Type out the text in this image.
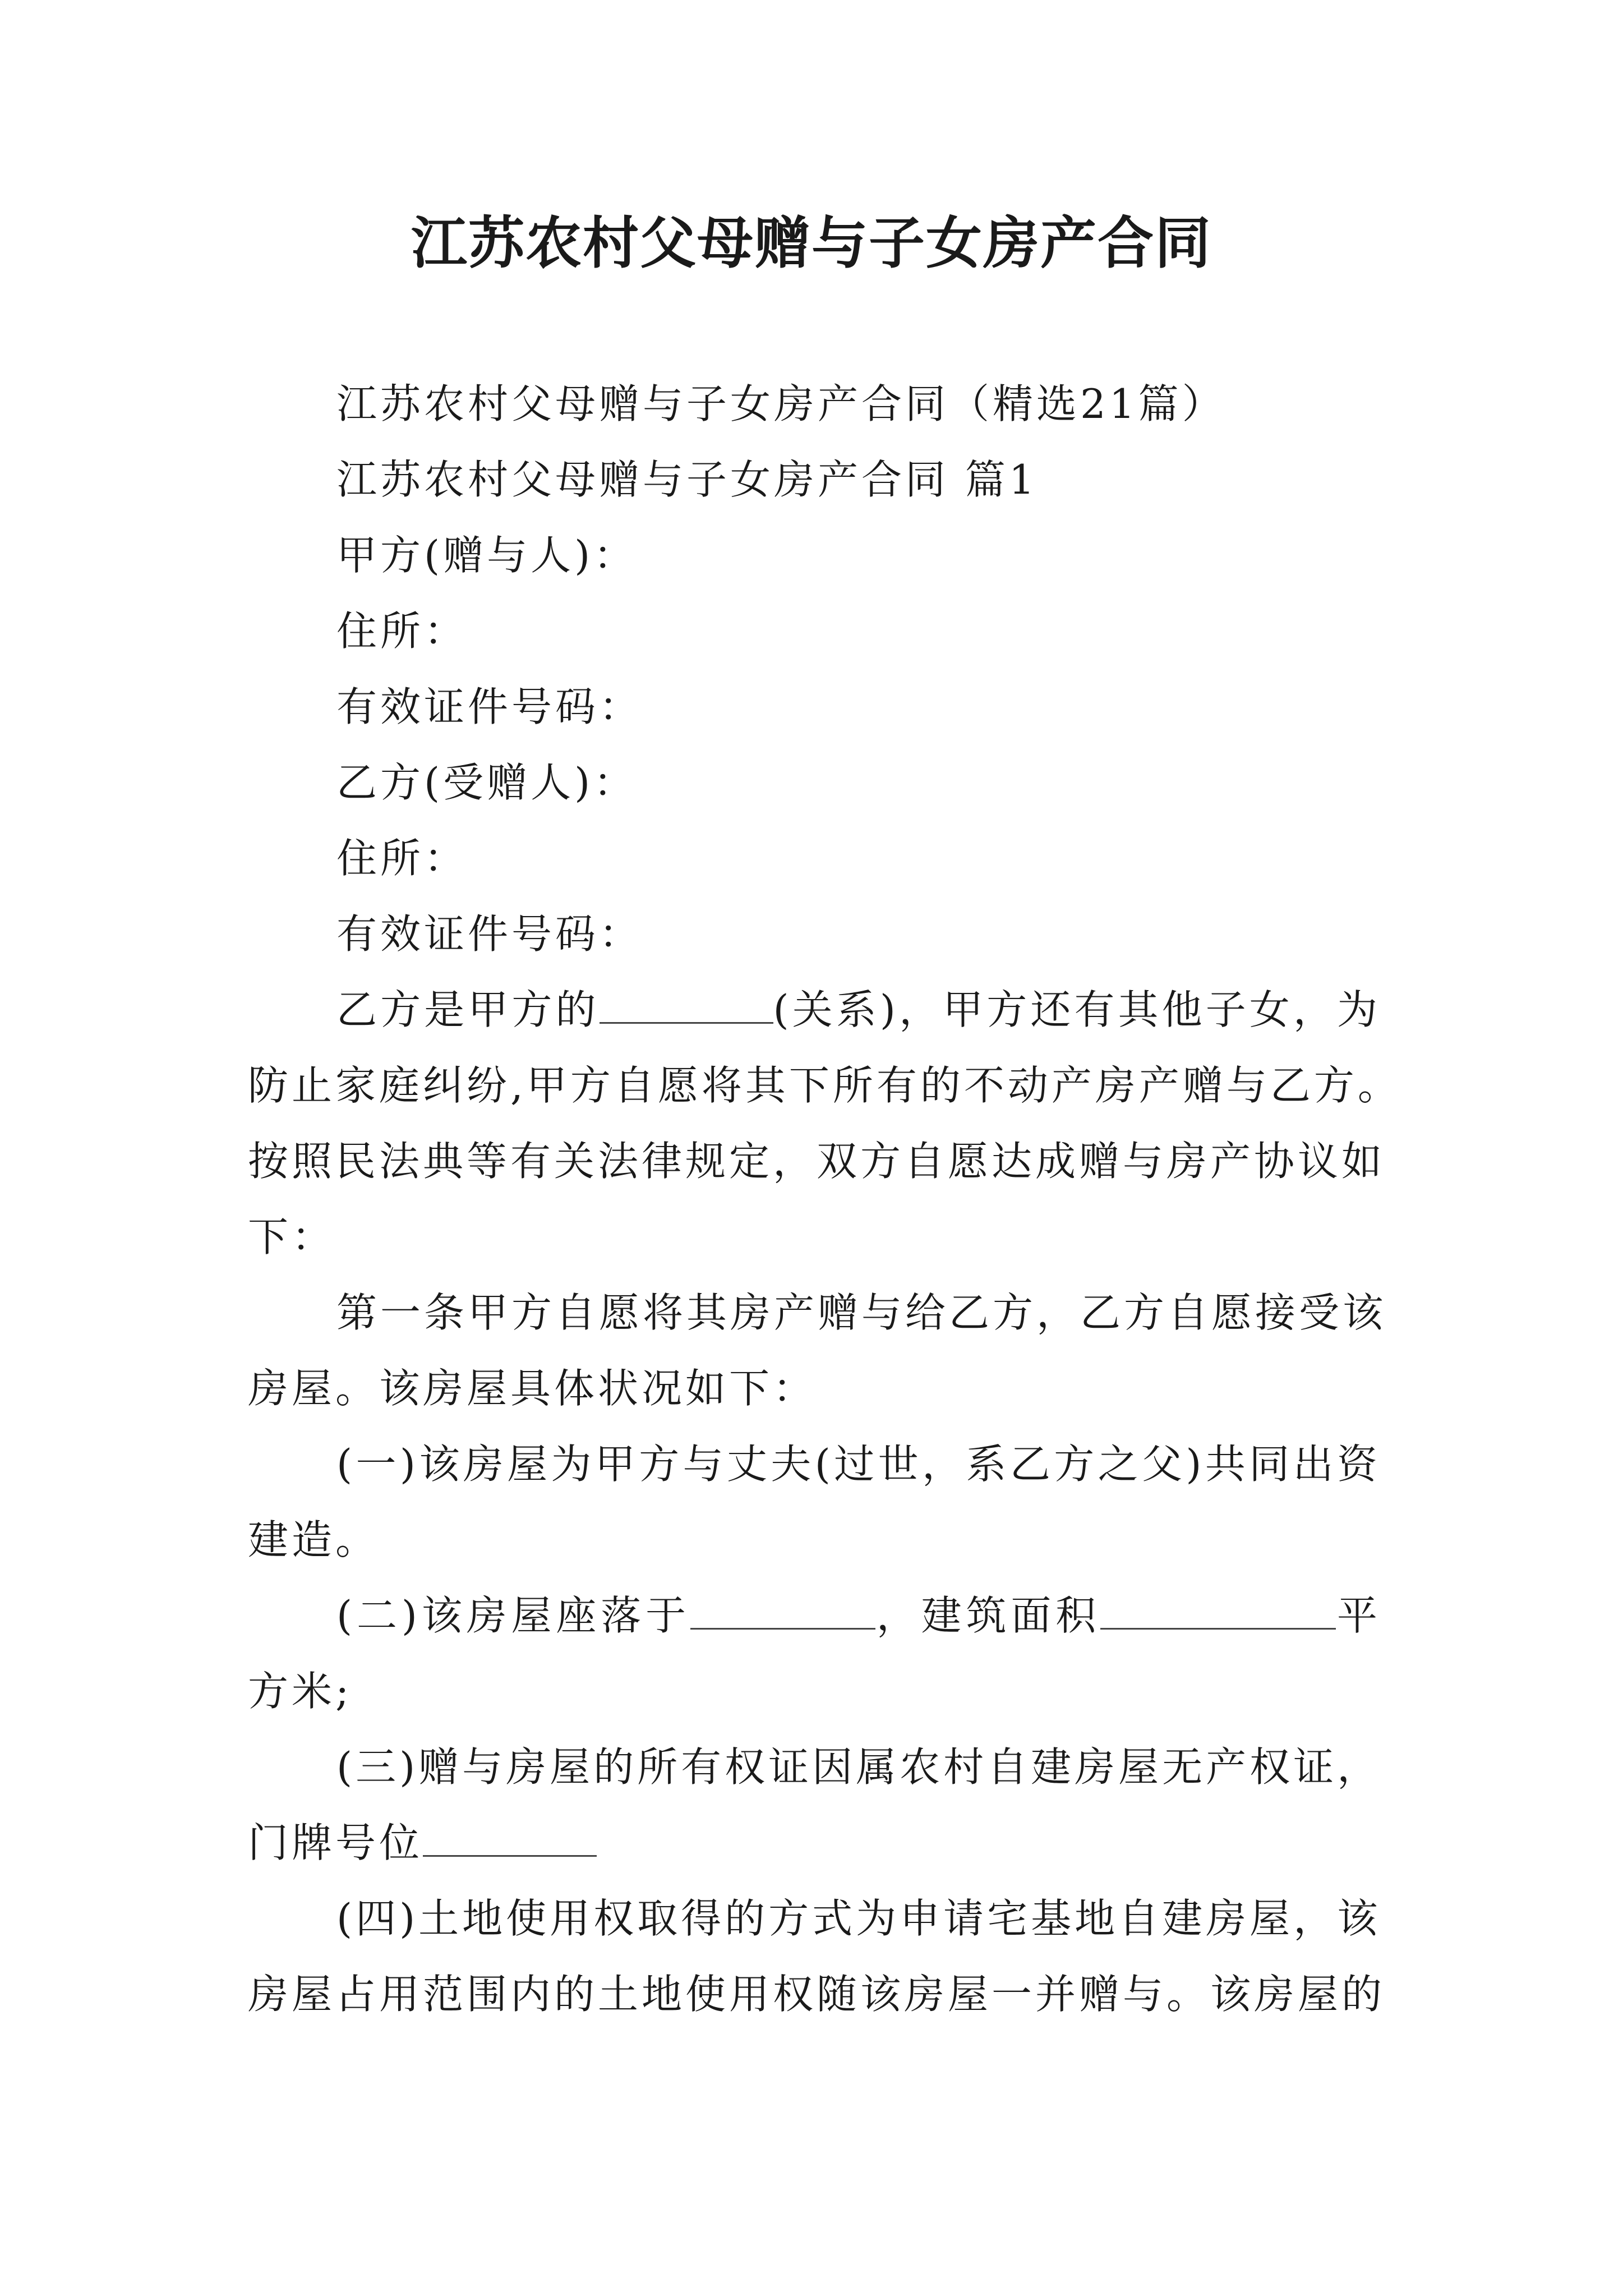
江苏农村父母赠与子女房产合同
江苏农村父母赠与子女房产合同（精选21篇）
江苏农村父母赠与子女房产合同 篇1
甲方(赠与人)：
住所：
有效证件号码：
乙方(受赠人)：
住所：
有效证件号码：
乙方是甲方的	(关系)，甲方还有其他子女，为
防止家庭纠纷,甲方自愿将其下所有的不动产房产赠与乙方。
按照民法典等有关法律规定，双方自愿达成赠与房产协议如
下：
第一条甲方自愿将其房产赠与给乙方，乙方自愿接受该
房屋。该房屋具体状况如下：
(一)该房屋为甲方与丈夫(过世，系乙方之父)共同出资
建造。
(二)该房屋座落于	，建筑面积	平
方米;
(三)赠与房屋的所有权证因属农村自建房屋无产权证，
门牌号位
(四)土地使用权取得的方式为申请宅基地自建房屋，该
房屋占用范围内的土地使用权随该房屋一并赠与。该房屋的
